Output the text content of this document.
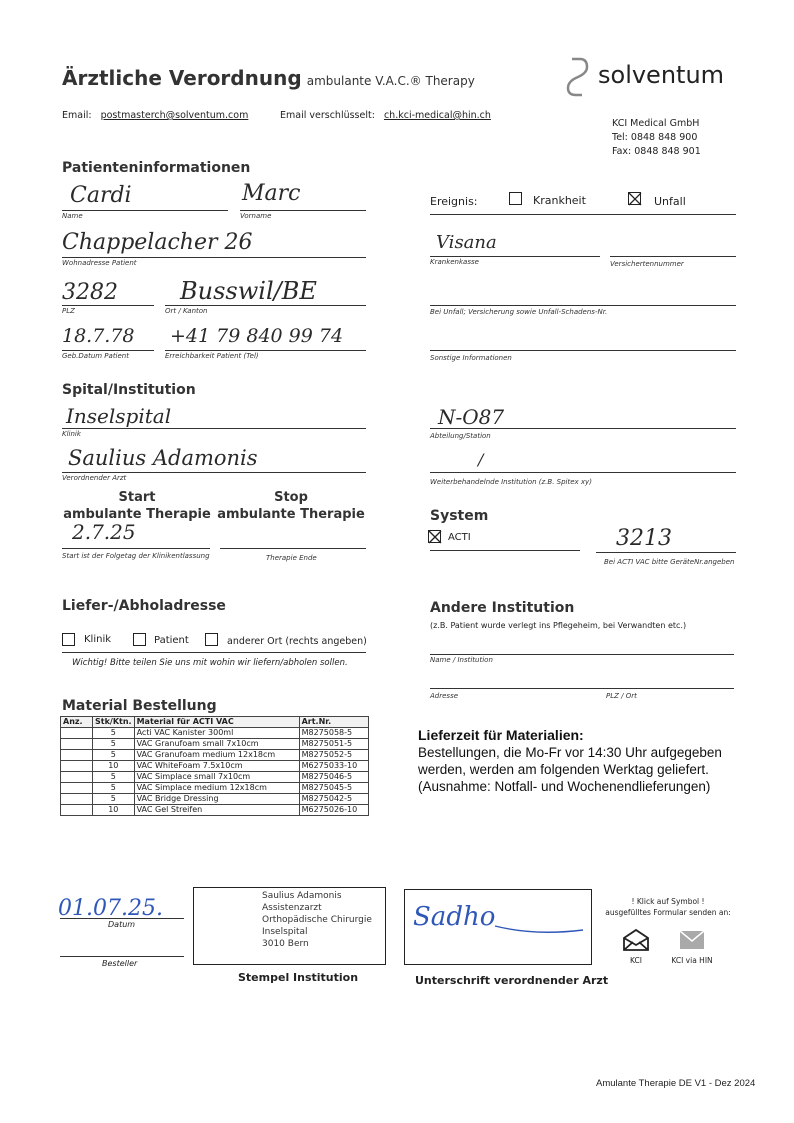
Ärztliche Verordnung ambulante V.A.C.® Therapy
Email: postmasterch@solventum.com	Email verschlüsselt: ch.kci-medical@hin.ch
solventum
KCI Medical GmbH
Tel: 0848 848 900
Fax: 0848 848 901
Patienteninformationen
Cardi
Name
Marc
Vorname
Chappelacher 26
Wohnadresse Patient
3282
PLZ
Busswil/BE
Ort / Kanton
18.7.78
Geb.Datum Patient
+41 79 840 99 74
Erreichbarkeit Patient (Tel)
Ereignis:	Krankheit	Unfall
Visana
Krankenkasse	Versichertennummer
Bei Unfall; Versicherung sowie Unfall-Schadens-Nr.
Sonstige Informationen
Spital/Institution
Inselspital
Klinik
N-O87
Abteilung/Station
Saulius Adamonis
Verordnender Arzt
/
Weiterbehandelnde Institution (z.B. Spitex xy)
Start
ambulante Therapie
Stop
ambulante Therapie
2.7.25
Start ist der Folgetag der Klinikentlassung	Therapie Ende
System
ACTI	3213
Bei ACTI VAC bitte GeräteNr.angeben
Liefer-/Abholadresse
Klinik	Patient	anderer Ort (rechts angeben)
Wichtig! Bitte teilen Sie uns mit wohin wir liefern/abholen sollen.
Andere Institution
(z.B. Patient wurde verlegt ins Pflegeheim, bei Verwandten etc.)
Name / Institution
Adresse	PLZ / Ort
Material Bestellung
Anz.	Stk/Ktn.	Material für ACTI VAC	Art.Nr.
	5	Acti VAC Kanister 300ml	M8275058-5
	5	VAC Granufoam small 7x10cm	M8275051-5
	5	VAC Granufoam medium 12x18cm	M8275052-5
	10	VAC WhiteFoam 7.5x10cm	M6275033-10
	5	VAC Simplace small 7x10cm	M8275046-5
	5	VAC Simplace medium 12x18cm	M8275045-5
	5	VAC Bridge Dressing	M8275042-5
	10	VAC Gel Streifen	M6275026-10
Lieferzeit für Materialien:
Bestellungen, die Mo-Fr vor 14:30 Uhr aufgegeben
werden, werden am folgenden Werktag geliefert.
(Ausnahme: Notfall- und Wochenendlieferungen)
01.07.25.
Datum
Besteller
Saulius Adamonis
Assistenzarzt
Orthopädische Chirurgie
Inselspital
3010 Bern
Stempel Institution
Sadho
Unterschrift verordnender Arzt
! Klick auf Symbol !
ausgefülltes Formular senden an:
KCI	KCI via HIN
Amulante Therapie DE V1 - Dez 2024
